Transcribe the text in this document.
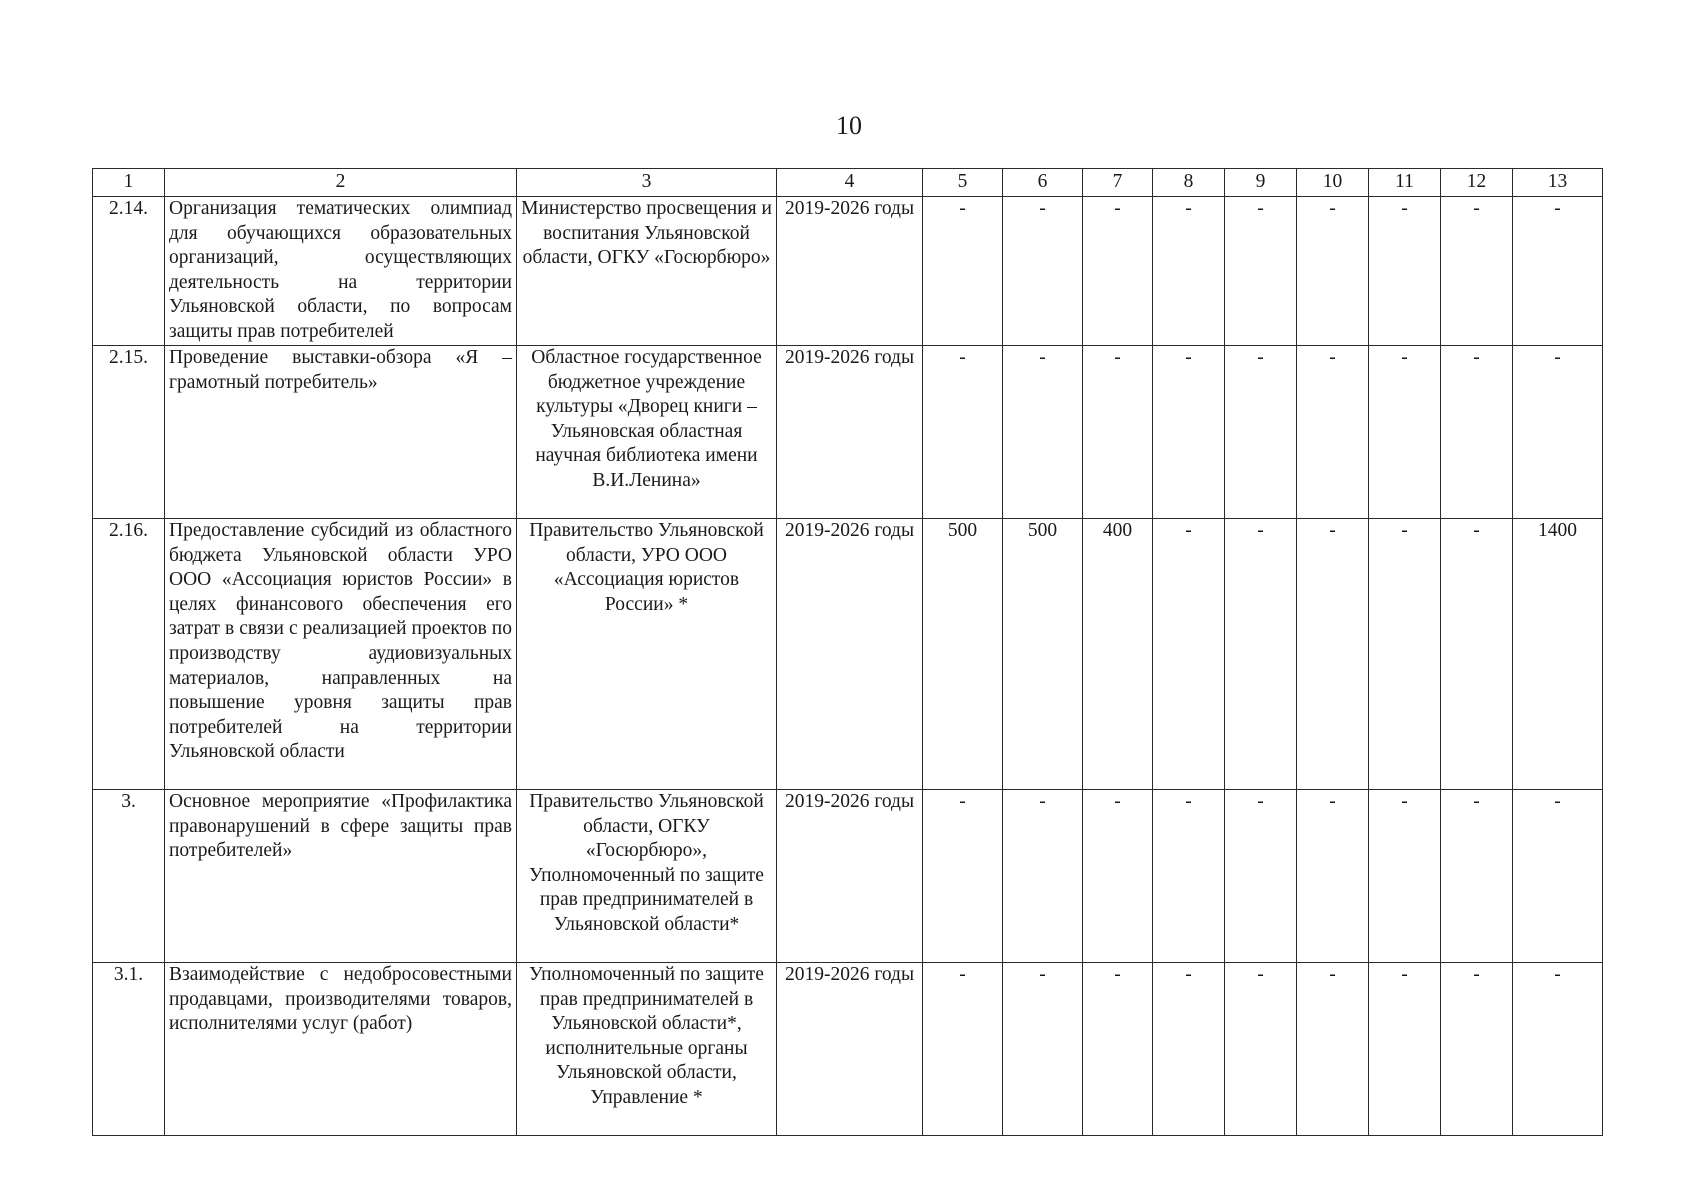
10
1	2	3	4	5	6	7	8	9	10	11	12	13
2.14.	Организация тематических олимпиад для обучающихся образовательных организаций, осуществляющих деятельность на территории Ульяновской области, по вопросам защиты прав потребителей	Министерство просвещения и воспитания Ульяновской области, ОГКУ «Госюрбюро»	2019-2026 годы	-	-	-	-	-	-	-	-	-
2.15.	Проведение выставки-обзора «Я – грамотный потребитель»	Областное государственное бюджетное учреждение культуры «Дворец книги – Ульяновская областная научная библиотека имени В.И.Ленина»	2019-2026 годы	-	-	-	-	-	-	-	-	-
2.16.	Предоставление субсидий из областного бюджета Ульяновской области УРО ООО «Ассоциация юристов России» в целях финансового обеспечения его затрат в связи с реализацией проектов по производству аудиовизуальных материалов, направленных на повышение уровня защиты прав потребителей на территории Ульяновской области	Правительство Ульяновской области, УРО ООО «Ассоциация юристов России» *	2019-2026 годы	500	500	400	-	-	-	-	-	1400
3.	Основное мероприятие «Профилактика правонарушений в сфере защиты прав потребителей»	Правительство Ульяновской области, ОГКУ «Госюрбюро», Уполномоченный по защите прав предпринимателей в Ульяновской области*	2019-2026 годы	-	-	-	-	-	-	-	-	-
3.1.	Взаимодействие с недобросовестными продавцами, производителями товаров, исполнителями услуг (работ)	Уполномоченный по защите прав предпринимателей в Ульяновской области*, исполнительные органы Ульяновской области, Управление *	2019-2026 годы	-	-	-	-	-	-	-	-	-
